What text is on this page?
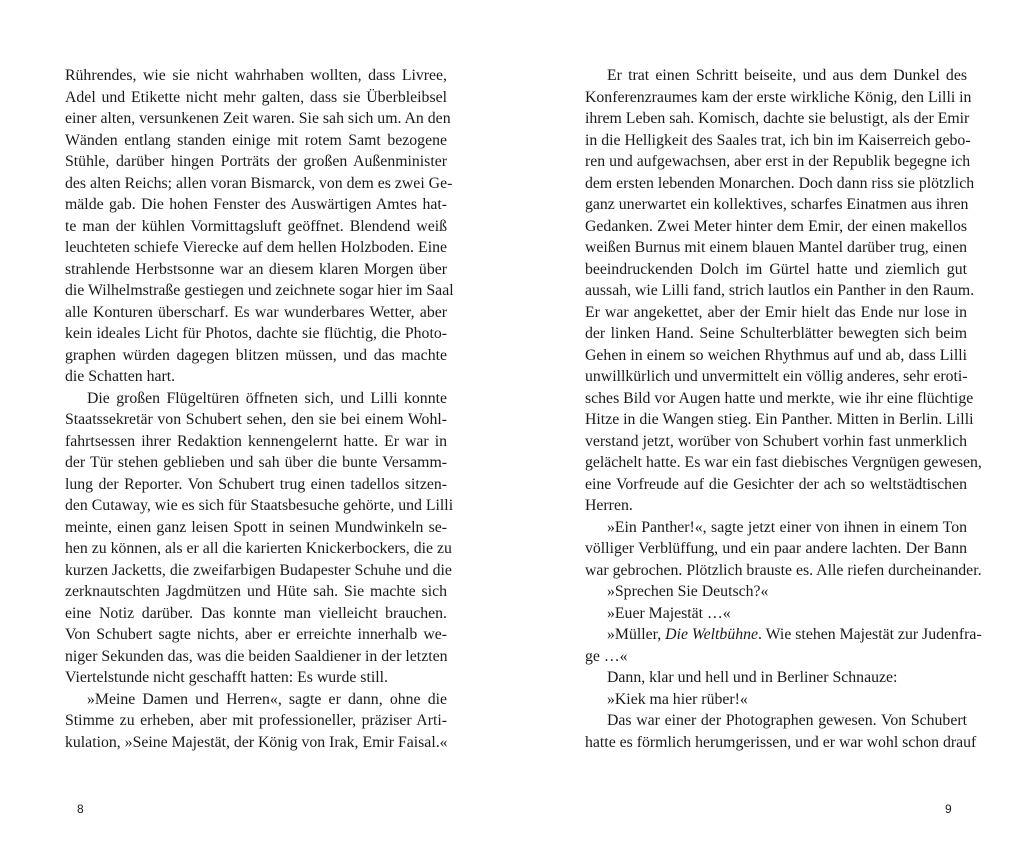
Rührendes, wie sie nicht wahrhaben wollten, dass Livree,
Adel und Etikette nicht mehr galten, dass sie Überbleibsel
einer alten, versunkenen Zeit waren. Sie sah sich um. An den
Wänden entlang standen einige mit rotem Samt bezogene
Stühle, darüber hingen Porträts der großen Außenminister
des alten Reichs; allen voran Bismarck, von dem es zwei Ge-
mälde gab. Die hohen Fenster des Auswärtigen Amtes hat-
te man der kühlen Vormittagsluft geöffnet. Blendend weiß
leuchteten schiefe Vierecke auf dem hellen Holzboden. Eine
strahlende Herbstsonne war an diesem klaren Morgen über
die Wilhelmstraße gestiegen und zeichnete sogar hier im Saal
alle Konturen überscharf. Es war wunderbares Wetter, aber
kein ideales Licht für Photos, dachte sie flüchtig, die Photo-
graphen würden dagegen blitzen müssen, und das machte
die Schatten hart.
Die großen Flügeltüren öffneten sich, und Lilli konnte
Staatssekretär von Schubert sehen, den sie bei einem Wohl-
fahrtsessen ihrer Redaktion kennengelernt hatte. Er war in
der Tür stehen geblieben und sah über die bunte Versamm-
lung der Reporter. Von Schubert trug einen tadellos sitzen-
den Cutaway, wie es sich für Staatsbesuche gehörte, und Lilli
meinte, einen ganz leisen Spott in seinen Mundwinkeln se-
hen zu können, als er all die karierten Knickerbockers, die zu
kurzen Jacketts, die zweifarbigen Budapester Schuhe und die
zerknautschten Jagdmützen und Hüte sah. Sie machte sich
eine Notiz darüber. Das konnte man vielleicht brauchen.
Von Schubert sagte nichts, aber er erreichte innerhalb we-
niger Sekunden das, was die beiden Saaldiener in der letzten
Viertelstunde nicht geschafft hatten: Es wurde still.
»Meine Damen und Herren«, sagte er dann, ohne die
Stimme zu erheben, aber mit professioneller, präziser Arti-
kulation, »Seine Majestät, der König von Irak, Emir Faisal.«
Er trat einen Schritt beiseite, und aus dem Dunkel des
Konferenzraumes kam der erste wirkliche König, den Lilli in
ihrem Leben sah. Komisch, dachte sie belustigt, als der Emir
in die Helligkeit des Saales trat, ich bin im Kaiserreich gebo-
ren und aufgewachsen, aber erst in der Republik begegne ich
dem ersten lebenden Monarchen. Doch dann riss sie plötzlich
ganz unerwartet ein kollektives, scharfes Einatmen aus ihren
Gedanken. Zwei Meter hinter dem Emir, der einen makellos
weißen Burnus mit einem blauen Mantel darüber trug, einen
beeindruckenden Dolch im Gürtel hatte und ziemlich gut
aussah, wie Lilli fand, strich lautlos ein Panther in den Raum.
Er war angekettet, aber der Emir hielt das Ende nur lose in
der linken Hand. Seine Schulterblätter bewegten sich beim
Gehen in einem so weichen Rhythmus auf und ab, dass Lilli
unwillkürlich und unvermittelt ein völlig anderes, sehr eroti-
sches Bild vor Augen hatte und merkte, wie ihr eine flüchtige
Hitze in die Wangen stieg. Ein Panther. Mitten in Berlin. Lilli
verstand jetzt, worüber von Schubert vorhin fast unmerklich
gelächelt hatte. Es war ein fast diebisches Vergnügen gewesen,
eine Vorfreude auf die Gesichter der ach so weltstädtischen
Herren.
»Ein Panther!«, sagte jetzt einer von ihnen in einem Ton
völliger Verblüffung, und ein paar andere lachten. Der Bann
war gebrochen. Plötzlich brauste es. Alle riefen durcheinander.
»Sprechen Sie Deutsch?«
»Euer Majestät …«
»Müller, Die Weltbühne. Wie stehen Majestät zur Judenfra-
ge …«
Dann, klar und hell und in Berliner Schnauze:
»Kiek ma hier rüber!«
Das war einer der Photographen gewesen. Von Schubert
hatte es förmlich herumgerissen, und er war wohl schon drauf
8	9
